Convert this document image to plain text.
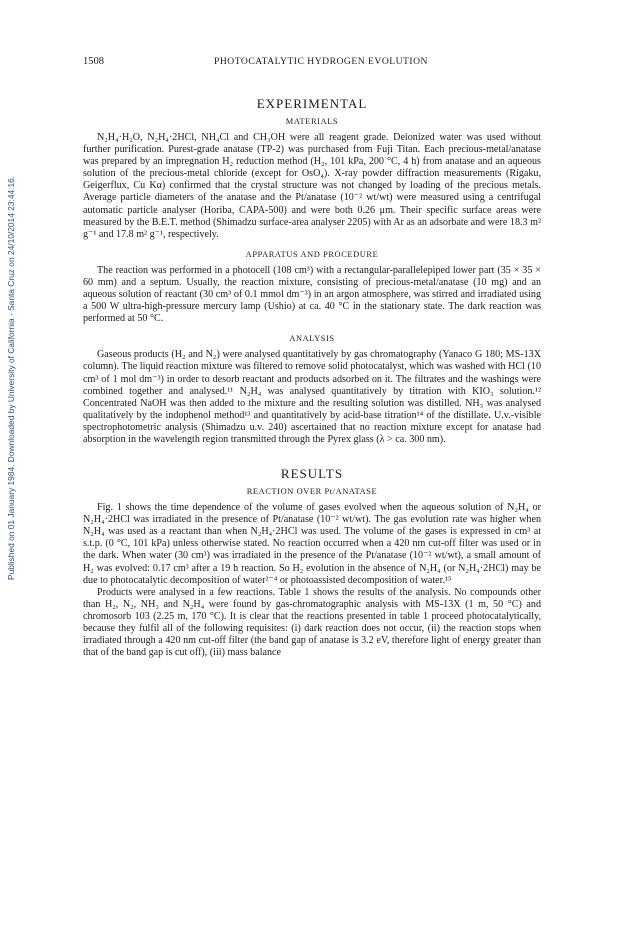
Published on 01 January 1984. Downloaded by University of California - Santa Cruz on 24/10/2014 23:44:16.
1508	PHOTOCATALYTIC HYDROGEN EVOLUTION
EXPERIMENTAL
MATERIALS

N₂H₄·H₂O, N₂H₄·2HCl, NH₄Cl and CH₃OH were all reagent grade. Deionized water was used without further purification. Purest-grade anatase (TP-2) was purchased from Fuji Titan. Each precious-metal/anatase was prepared by an impregnation H₂ reduction method (H₂, 101 kPa, 200 °C, 4 h) from anatase and an aqueous solution of the precious-metal chloride (except for OsO₄). X-ray powder diffraction measurements (Rigaku, Geigerflux, Cu Kα) confirmed that the crystal structure was not changed by loading of the precious metals. Average particle diameters of the anatase and the Pt/anatase (10⁻² wt/wt) were measured using a centrifugal automatic particle analyser (Horiba, CAPA-500) and were both 0.26 μm. Their specific surface areas were measured by the B.E.T. method (Shimadzu surface-area analyser 2205) with Ar as an adsorbate and were 18.3 m² g⁻¹ and 17.8 m² g⁻¹, respectively.

APPARATUS AND PROCEDURE

The reaction was performed in a photocell (108 cm³) with a rectangular-parallelepiped lower part (35 × 35 × 60 mm) and a septum. Usually, the reaction mixture, consisting of precious-metal/anatase (10 mg) and an aqueous solution of reactant (30 cm³ of 0.1 mmol dm⁻³) in an argon atmosphere, was stirred and irradiated using a 500 W ultra-high-pressure mercury lamp (Ushio) at ca. 40 °C in the stationary state. The dark reaction was performed at 50 °C.

ANALYSIS

Gaseous products (H₂ and N₂) were analysed quantitatively by gas chromatography (Yanaco G 180; MS-13X column). The liquid reaction mixture was filtered to remove solid photocatalyst, which was washed with HCl (10 cm³ of 1 mol dm⁻³) in order to desorb reactant and products adsorbed on it. The filtrates and the washings were combined together and analysed.¹¹ N₂H₄ was analysed quantitatively by titration with KIO₃ solution.¹² Concentrated NaOH was then added to the mixture and the resulting solution was distilled. NH₃ was analysed qualitatively by the indophenol method¹³ and quantitatively by acid-base titration¹⁴ of the distillate. U.v.-visible spectrophotometric analysis (Shimadzu u.v. 240) ascertained that no reaction mixture except for anatase had absorption in the wavelength region transmitted through the Pyrex glass (λ > ca. 300 nm).

RESULTS
REACTION OVER Pt/ANATASE

Fig. 1 shows the time dependence of the volume of gases evolved when the aqueous solution of N₂H₄ or N₂H₄·2HCl was irradiated in the presence of Pt/anatase (10⁻² wt/wt). The gas evolution rate was higher when N₂H₄ was used as a reactant than when N₂H₄·2HCl was used. The volume of the gases is expressed in cm³ at s.t.p. (0 °C, 101 kPa) unless otherwise stated. No reaction occurred when a 420 nm cut-off filter was used or in the dark. When water (30 cm³) was irradiated in the presence of the Pt/anatase (10⁻² wt/wt), a small amount of H₂ was evolved: 0.17 cm³ after a 19 h reaction. So H₂ evolution in the absence of N₂H₄ (or N₂H₄·2HCl) may be due to photocatalytic decomposition of water²⁻⁴ or photoassisted decomposition of water.¹⁵

Products were analysed in a few reactions. Table 1 shows the results of the analysis. No compounds other than H₂, N₂, NH₃ and N₂H₄ were found by gas-chromatographic analysis with MS-13X (1 m, 50 °C) and chromosorb 103 (2.25 m, 170 °C). It is clear that the reactions presented in table 1 proceed photocatalytically, because they fulfil all of the following requisites: (i) dark reaction does not occur, (ii) the reaction stops when irradiated through a 420 nm cut-off filter (the band gap of anatase is 3.2 eV, therefore light of energy greater than that of the band gap is cut off), (iii) mass balance
